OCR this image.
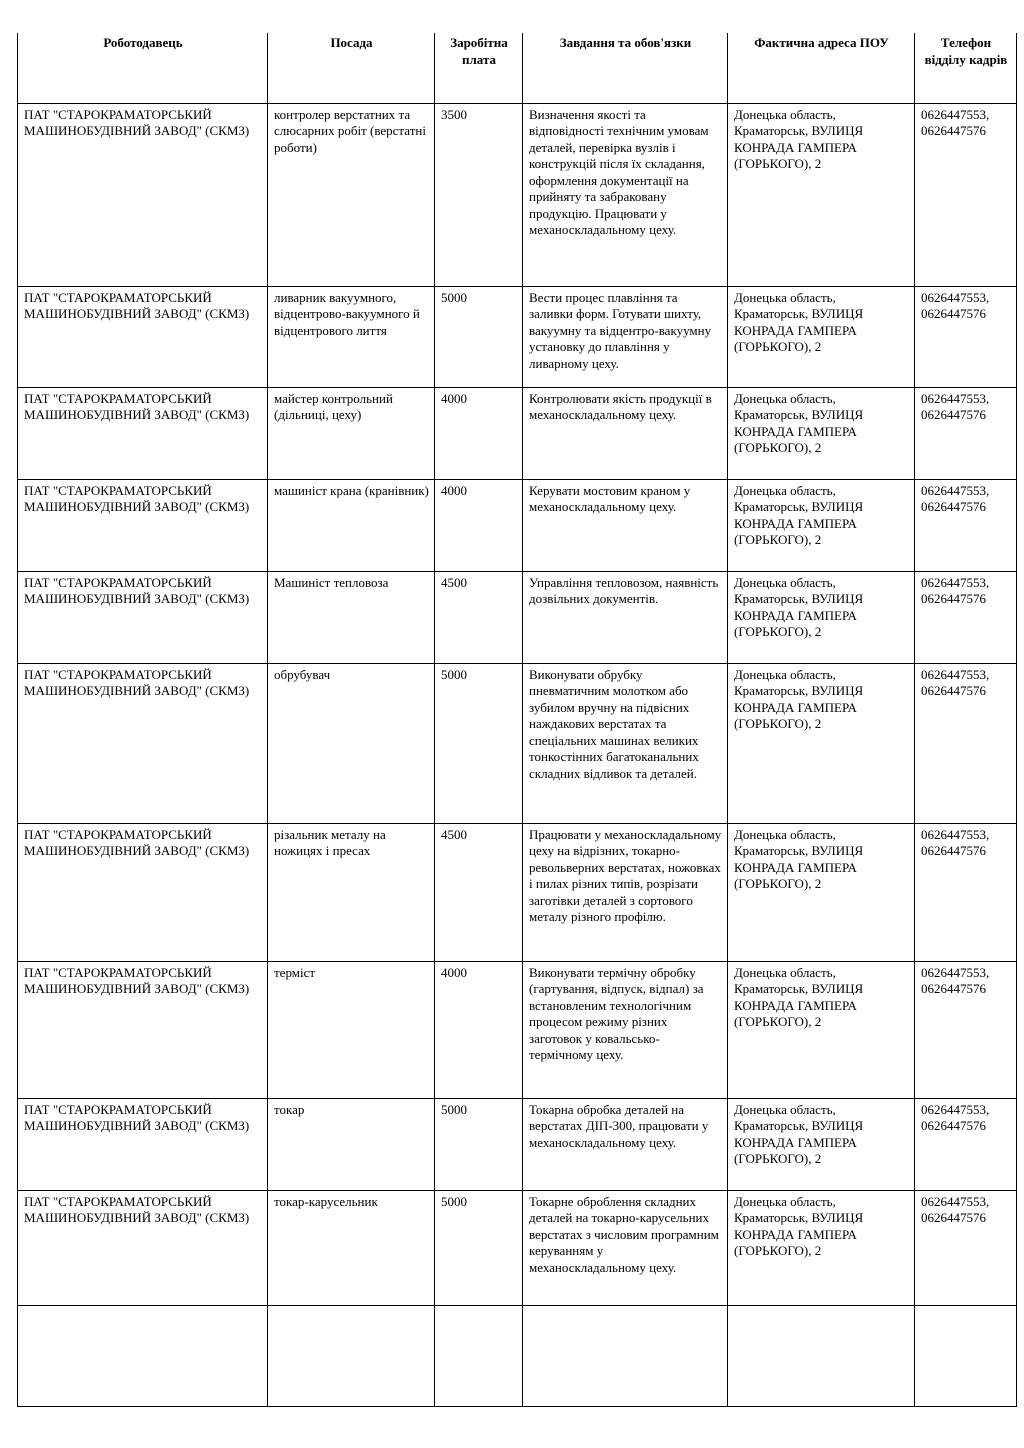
Роботодавець	Посада	Заробітна плата	Завдання та обов'язки	Фактична адреса ПОУ	Телефон відділу кадрів
ПАТ "СТАРОКРАМАТОРСЬКИЙ МАШИНОБУДІВНИЙ ЗАВОД" (СКМЗ)	контролер верстатних та слюсарних робіт (верстатні роботи)	3500	Визначення якості та відповідності технічним умовам деталей, перевірка вузлів і конструкцій після їх складання, оформлення документації на прийняту та забраковану продукцію. Працювати у механоскладальному цеху.	Донецька область, Краматорськ, ВУЛИЦЯ КОНРАДА ГАМПЕРА (ГОРЬКОГО), 2	0626447553, 0626447576
ПАТ "СТАРОКРАМАТОРСЬКИЙ МАШИНОБУДІВНИЙ ЗАВОД" (СКМЗ)	ливарник вакуумного, відцентрово-вакуумного й відцентрового лиття	5000	Вести процес плавління та заливки форм. Готувати шихту, вакуумну та відцентро-вакуумну установку до плавління у ливарному цеху.	Донецька область, Краматорськ, ВУЛИЦЯ КОНРАДА ГАМПЕРА (ГОРЬКОГО), 2	0626447553, 0626447576
ПАТ "СТАРОКРАМАТОРСЬКИЙ МАШИНОБУДІВНИЙ ЗАВОД" (СКМЗ)	майстер контрольний (дільниці, цеху)	4000	Контролювати якість продукції в механоскладальному цеху.	Донецька область, Краматорськ, ВУЛИЦЯ КОНРАДА ГАМПЕРА (ГОРЬКОГО), 2	0626447553, 0626447576
ПАТ "СТАРОКРАМАТОРСЬКИЙ МАШИНОБУДІВНИЙ ЗАВОД" (СКМЗ)	машиніст крана (кранівник)	4000	Керувати мостовим краном у механоскладальному цеху.	Донецька область, Краматорськ, ВУЛИЦЯ КОНРАДА ГАМПЕРА (ГОРЬКОГО), 2	0626447553, 0626447576
ПАТ "СТАРОКРАМАТОРСЬКИЙ МАШИНОБУДІВНИЙ ЗАВОД" (СКМЗ)	Машиніст тепловоза	4500	Управління тепловозом, наявність дозвільних документів.	Донецька область, Краматорськ, ВУЛИЦЯ КОНРАДА ГАМПЕРА (ГОРЬКОГО), 2	0626447553, 0626447576
ПАТ "СТАРОКРАМАТОРСЬКИЙ МАШИНОБУДІВНИЙ ЗАВОД" (СКМЗ)	обрубувач	5000	Виконувати обрубку пневматичним молотком або зубилом вручну на підвісних наждакових верстатах та спеціальних машинах великих тонкостінних багатоканальних складних відливок та деталей.	Донецька область, Краматорськ, ВУЛИЦЯ КОНРАДА ГАМПЕРА (ГОРЬКОГО), 2	0626447553, 0626447576
ПАТ "СТАРОКРАМАТОРСЬКИЙ МАШИНОБУДІВНИЙ ЗАВОД" (СКМЗ)	різальник металу на ножицях і пресах	4500	Працювати у механоскладальному цеху на відрізних, токарно-револьверних верстатах, ножовках і пилах різних типів, розрізати заготівки деталей з сортового металу різного профілю.	Донецька область, Краматорськ, ВУЛИЦЯ КОНРАДА ГАМПЕРА (ГОРЬКОГО), 2	0626447553, 0626447576
ПАТ "СТАРОКРАМАТОРСЬКИЙ МАШИНОБУДІВНИЙ ЗАВОД" (СКМЗ)	терміст	4000	Виконувати термічну обробку (гартування, відпуск, відпал) за встановленим технологічним процесом режиму різних заготовок у ковальсько-термічному цеху.	Донецька область, Краматорськ, ВУЛИЦЯ КОНРАДА ГАМПЕРА (ГОРЬКОГО), 2	0626447553, 0626447576
ПАТ "СТАРОКРАМАТОРСЬКИЙ МАШИНОБУДІВНИЙ ЗАВОД" (СКМЗ)	токар	5000	Токарна обробка деталей на верстатах ДІП-300, працювати у механоскладальному цеху.	Донецька область, Краматорськ, ВУЛИЦЯ КОНРАДА ГАМПЕРА (ГОРЬКОГО), 2	0626447553, 0626447576
ПАТ "СТАРОКРАМАТОРСЬКИЙ МАШИНОБУДІВНИЙ ЗАВОД" (СКМЗ)	токар-карусельник	5000	Токарне оброблення складних деталей на токарно-карусельних верстатах з числовим програмним керуванням у механоскладальному цеху.	Донецька область, Краматорськ, ВУЛИЦЯ КОНРАДА ГАМПЕРА (ГОРЬКОГО), 2	0626447553, 0626447576
